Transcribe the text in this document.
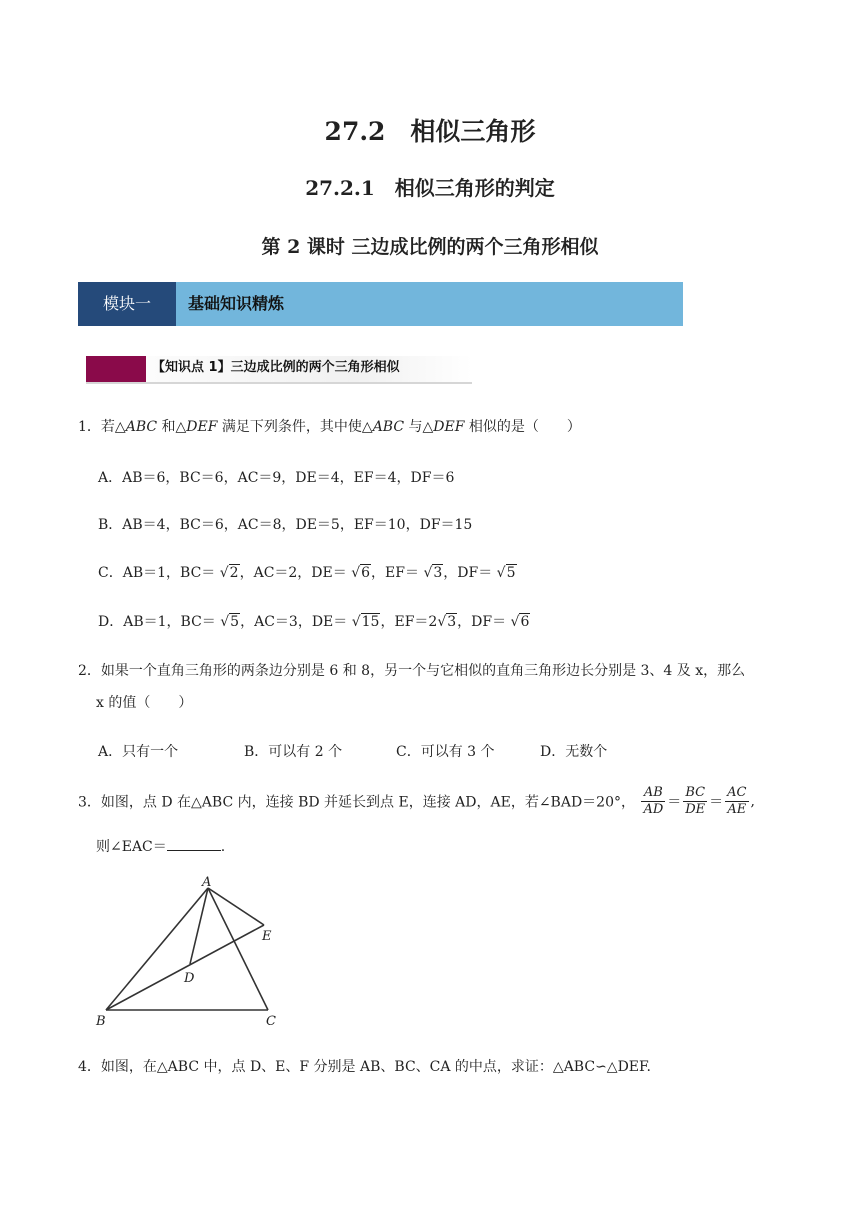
27.2　相似三角形
27.2.1　相似三角形的判定
第 2 课时 三边成比例的两个三角形相似
模块一	基础知识精炼
【知识点 1】三边成比例的两个三角形相似
1．若△ABC 和△DEF 满足下列条件，其中使△ABC 与△DEF 相似的是（　　）
A．AB＝6，BC＝6，AC＝9，DE＝4，EF＝4，DF＝6
B．AB＝4，BC＝6，AC＝8，DE＝5，EF＝10，DF＝15
C．AB＝1，BC＝ √2，AC＝2，DE＝ √6，EF＝ √3，DF＝ √5
D．AB＝1，BC＝ √5，AC＝3，DE＝ √15，EF＝2√3，DF＝ √6
2．如果一个直角三角形的两条边分别是 6 和 8，另一个与它相似的直角三角形边长分别是 3、4 及 x，那么
x 的值（　　）
A．只有一个	B．可以有 2 个	C．可以有 3 个	D．无数个
3．如图，点 D 在△ABC 内，连接 BD 并延长到点 E，连接 AD，AE，若∠BAD＝20°， $\frac{AB}{AD} = \frac{BC}{DE} = \frac{AC}{AE}$ ,
则∠EAC＝	.
A
B	C
D
E
4．如图，在△ABC 中，点 D、E、F 分别是 AB、BC、CA 的中点，求证：△ABC∽△DEF.
